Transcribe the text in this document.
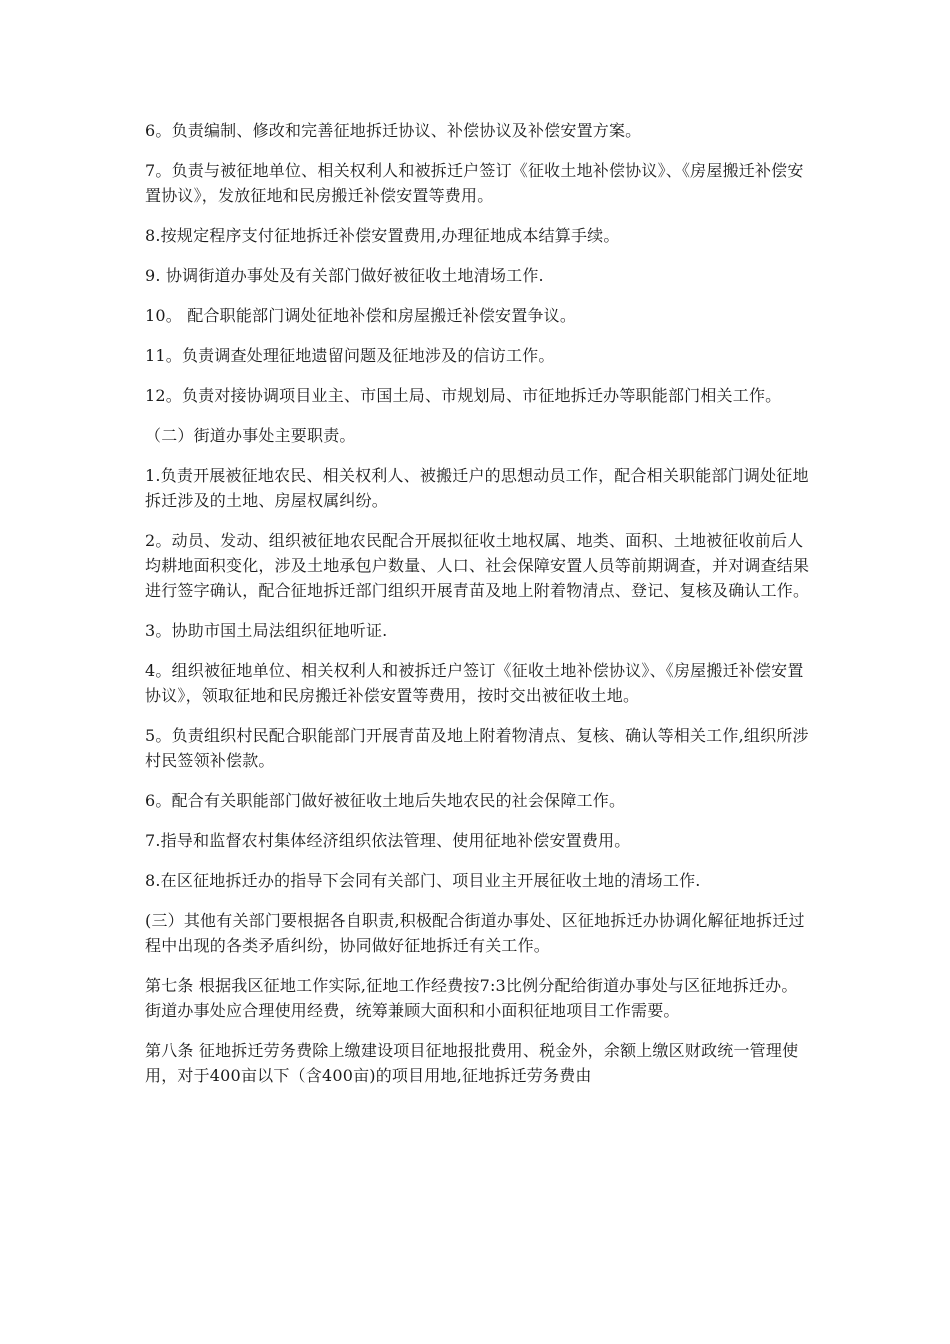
6。负责编制、修改和完善征地拆迁协议、补偿协议及补偿安置方案。

7。负责与被征地单位、相关权利人和被拆迁户签订《征收土地补偿协议》、《房屋搬迁补偿安置协议》，发放征地和民房搬迁补偿安置等费用。

8.按规定程序支付征地拆迁补偿安置费用,办理征地成本结算手续。

9. 协调街道办事处及有关部门做好被征收土地清场工作.

10。 配合职能部门调处征地补偿和房屋搬迁补偿安置争议。

11。负责调查处理征地遗留问题及征地涉及的信访工作。

12。负责对接协调项目业主、市国土局、市规划局、市征地拆迁办等职能部门相关工作。

（二）街道办事处主要职责。

1.负责开展被征地农民、相关权利人、被搬迁户的思想动员工作，配合相关职能部门调处征地拆迁涉及的土地、房屋权属纠纷。

2。动员、发动、组织被征地农民配合开展拟征收土地权属、地类、面积、土地被征收前后人均耕地面积变化，涉及土地承包户数量、人口、社会保障安置人员等前期调查，并对调查结果进行签字确认，配合征地拆迁部门组织开展青苗及地上附着物清点、登记、复核及确认工作。

3。协助市国土局法组织征地听证.

4。组织被征地单位、相关权利人和被拆迁户签订《征收土地补偿协议》、《房屋搬迁补偿安置协议》，领取征地和民房搬迁补偿安置等费用，按时交出被征收土地。

5。负责组织村民配合职能部门开展青苗及地上附着物清点、复核、确认等相关工作,组织所涉村民签领补偿款。

6。配合有关职能部门做好被征收土地后失地农民的社会保障工作。

7.指导和监督农村集体经济组织依法管理、使用征地补偿安置费用。

8.在区征地拆迁办的指导下会同有关部门、项目业主开展征收土地的清场工作.

(三）其他有关部门要根据各自职责,积极配合街道办事处、区征地拆迁办协调化解征地拆迁过程中出现的各类矛盾纠纷，协同做好征地拆迁有关工作。

第七条 根据我区征地工作实际,征地工作经费按7:3比例分配给街道办事处与区征地拆迁办。街道办事处应合理使用经费，统筹兼顾大面积和小面积征地项目工作需要。

第八条 征地拆迁劳务费除上缴建设项目征地报批费用、税金外，余额上缴区财政统一管理使用，对于400亩以下（含400亩)的项目用地,征地拆迁劳务费由
